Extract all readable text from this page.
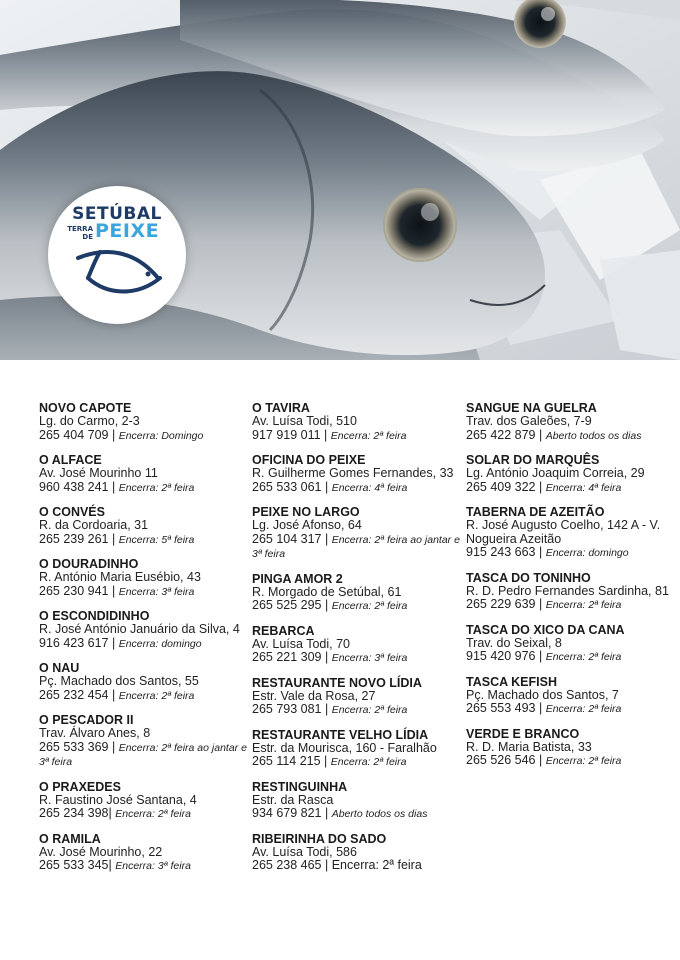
SETÚBAL
TERRA DE PEIXE
NOVO CAPOTE
Lg. do Carmo, 2-3
265 404 709 | Encerra: Domingo
O ALFACE
Av. José Mourinho 11
960 438 241 | Encerra: 2ª feira
O CONVÉS
R. da Cordoaria, 31
265 239 261 | Encerra: 5ª feira
O DOURADINHO
R. António Maria Eusébio, 43
265 230 941 | Encerra: 3ª feira
O ESCONDIDINHO
R. José António Januário da Silva, 4
916 423 617 | Encerra: domingo
O NAU
Pç. Machado dos Santos, 55
265 232 454 | Encerra: 2ª feira
O PESCADOR II
Trav. Álvaro Anes, 8
265 533 369 | Encerra: 2ª feira ao jantar e 3ª feira
O PRAXEDES
R. Faustino José Santana, 4
265 234 398| Encerra: 2ª feira
O RAMILA
Av. José Mourinho, 22
265 533 345| Encerra: 3ª feira
O TAVIRA
Av. Luísa Todi, 510
917 919 011 | Encerra: 2ª feira
OFICINA DO PEIXE
R. Guilherme Gomes Fernandes, 33
265 533 061 | Encerra: 4ª feira
PEIXE NO LARGO
Lg. José Afonso, 64
265 104 317 | Encerra: 2ª feira ao jantar e 3ª feira
PINGA AMOR 2
R. Morgado de Setúbal, 61
265 525 295 | Encerra: 2ª feira
REBARCA
Av. Luísa Todi, 70
265 221 309 | Encerra: 3ª feira
RESTAURANTE NOVO LÍDIA
Estr. Vale da Rosa, 27
265 793 081 | Encerra: 2ª feira
RESTAURANTE VELHO LÍDIA
Estr. da Mourisca, 160 - Faralhão
265 114 215 | Encerra: 2ª feira
RESTINGUINHA
Estr. da Rasca
934 679 821 | Aberto todos os dias
RIBEIRINHA DO SADO
Av. Luísa Todi, 586
265 238 465 | Encerra: 2ª feira
SANGUE NA GUELRA
Trav. dos Galeões, 7-9
265 422 879 | Aberto todos os dias
SOLAR DO MARQUÊS
Lg. António Joaquim Correia, 29
265 409 322 | Encerra: 4ª feira
TABERNA DE AZEITÃO
R. José Augusto Coelho, 142 A - V. Nogueira Azeitão
915 243 663 | Encerra: domingo
TASCA DO TONINHO
R. D. Pedro Fernandes Sardinha, 81
265 229 639 | Encerra: 2ª feira
TASCA DO XICO DA CANA
Trav. do Seixal, 8
915 420 976 | Encerra: 2ª feira
TASCA KEFISH
Pç. Machado dos Santos, 7
265 553 493 | Encerra: 2ª feira
VERDE E BRANCO
R. D. Maria Batista, 33
265 526 546 | Encerra: 2ª feira
